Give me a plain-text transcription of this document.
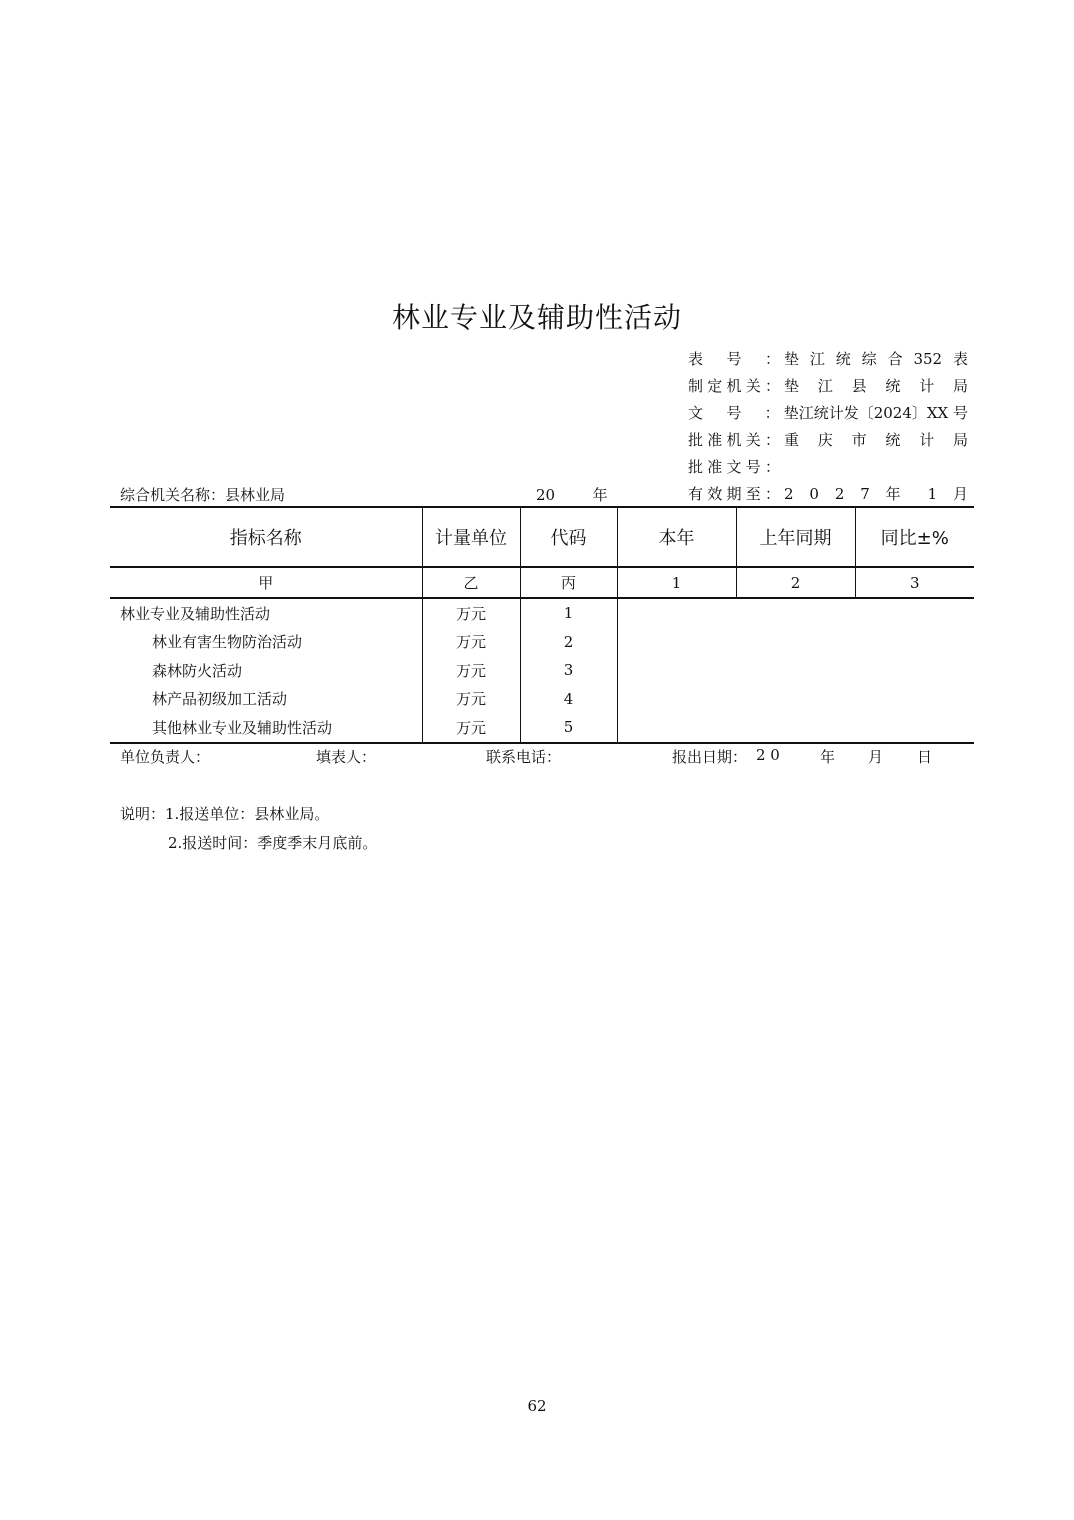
林业专业及辅助性活动
表号： 垫江统综合352表
制定机关： 垫江县统计局
文号： 垫江统计发〔2024〕XX 号
批准机关： 重庆市统计局
批准文号：
有效期至： 2 0 2 7 年 1 月
综合机关名称：县林业局	20	年
指标名称	计量单位	代码	本年	上年同期	同比±%
甲	乙	丙	1	2	3
林业专业及辅助性活动	万元	1			
林业有害生物防治活动	万元	2			
森林防火活动	万元	3			
林产品初级加工活动	万元	4			
其他林业专业及辅助性活动	万元	5			
单位负责人：	填表人：	联系电话：	报出日期： 2 0	年 月 日
说明：1.报送单位：县林业局。
2.报送时间：季度季末月底前。
62
